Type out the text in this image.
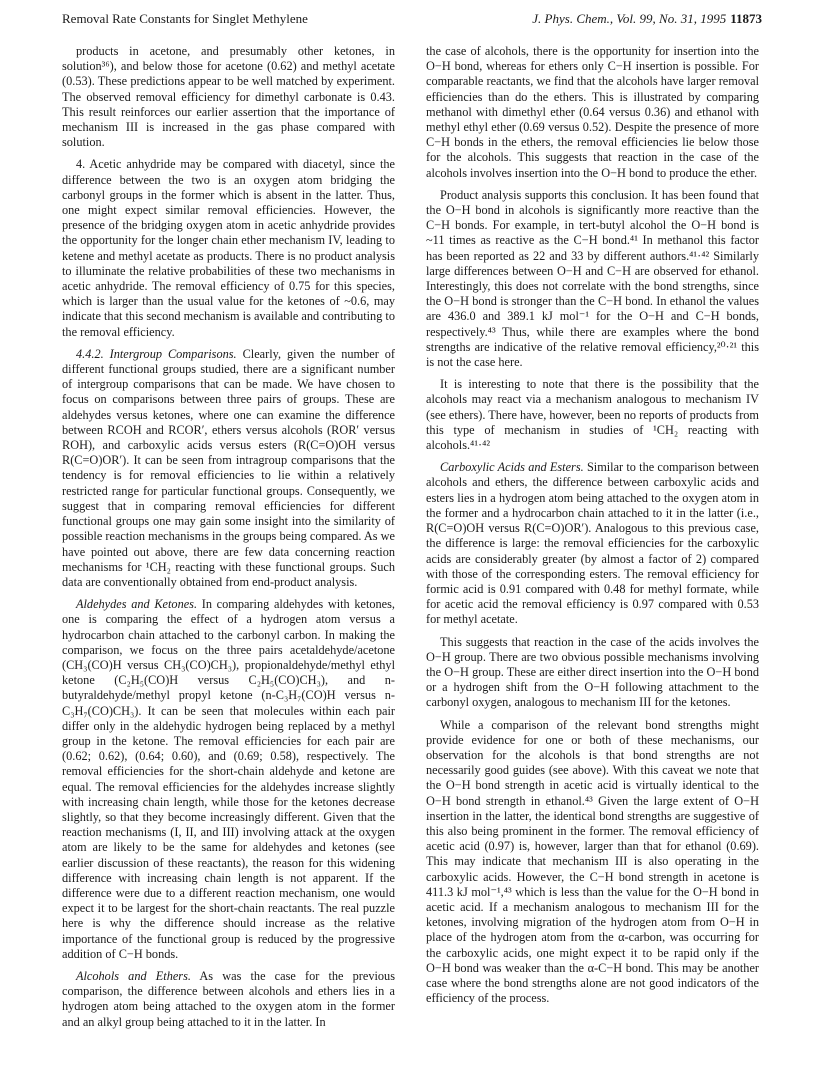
Removal Rate Constants for Singlet Methylene	J. Phys. Chem., Vol. 99, No. 31, 1995 11873

products in acetone, and presumably other ketones, in solution³⁶), and below those for acetone (0.62) and methyl acetate (0.53). These predictions appear to be well matched by experiment. The observed removal efficiency for dimethyl carbonate is 0.43. This result reinforces our earlier assertion that the importance of mechanism III is increased in the gas phase compared with solution.

4. Acetic anhydride may be compared with diacetyl, since the difference between the two is an oxygen atom bridging the carbonyl groups in the former which is absent in the latter. Thus, one might expect similar removal efficiencies. However, the presence of the bridging oxygen atom in acetic anhydride provides the opportunity for the longer chain ether mechanism IV, leading to ketene and methyl acetate as products. There is no product analysis to illuminate the relative probabilities of these two mechanisms in acetic anhydride. The removal efficiency of 0.75 for this species, which is larger than the usual value for the ketones of ~0.6, may indicate that this second mechanism is available and contributing to the removal efficiency.

4.4.2. Intergroup Comparisons. Clearly, given the number of different functional groups studied, there are a significant number of intergroup comparisons that can be made. We have chosen to focus on comparisons between three pairs of groups. These are aldehydes versus ketones, where one can examine the difference between RCOH and RCOR′, ethers versus alcohols (ROR′ versus ROH), and carboxylic acids versus esters (R(C=O)OH versus R(C=O)OR′). It can be seen from intragroup comparisons that the tendency is for removal efficiencies to lie within a relatively restricted range for particular functional groups. Consequently, we suggest that in comparing removal efficiencies for different functional groups one may gain some insight into the similarity of possible reaction mechanisms in the groups being compared. As we have pointed out above, there are few data concerning reaction mechanisms for ¹CH₂ reacting with these functional groups. Such data are conventionally obtained from end-product analysis.

Aldehydes and Ketones. In comparing aldehydes with ketones, one is comparing the effect of a hydrogen atom versus a hydrocarbon chain attached to the carbonyl carbon. In making the comparison, we focus on the three pairs acetaldehyde/acetone (CH₃(CO)H versus CH₃(CO)CH₃), propionaldehyde/methyl ethyl ketone (C₂H₅(CO)H versus C₂H₅(CO)CH₃), and n-butyraldehyde/methyl propyl ketone (n-C₃H₇(CO)H versus n-C₃H₇(CO)CH₃). It can be seen that molecules within each pair differ only in the aldehydic hydrogen being replaced by a methyl group in the ketone. The removal efficiencies for each pair are (0.62; 0.62), (0.64; 0.60), and (0.69; 0.58), respectively. The removal efficiencies for the short-chain aldehyde and ketone are equal. The removal efficiencies for the aldehydes increase slightly with increasing chain length, while those for the ketones decrease slightly, so that they become increasingly different. Given that the reaction mechanisms (I, II, and III) involving attack at the oxygen atom are likely to be the same for aldehydes and ketones (see earlier discussion of these reactants), the reason for this widening difference with increasing chain length is not apparent. If the difference were due to a different reaction mechanism, one would expect it to be largest for the short-chain reactants. The real puzzle here is why the difference should increase as the relative importance of the functional group is reduced by the progressive addition of C−H bonds.

Alcohols and Ethers. As was the case for the previous comparison, the difference between alcohols and ethers lies in a hydrogen atom being attached to the oxygen atom in the former and an alkyl group being attached to it in the latter. In

the case of alcohols, there is the opportunity for insertion into the O−H bond, whereas for ethers only C−H insertion is possible. For comparable reactants, we find that the alcohols have larger removal efficiencies than do the ethers. This is illustrated by comparing methanol with dimethyl ether (0.64 versus 0.36) and ethanol with methyl ethyl ether (0.69 versus 0.52). Despite the presence of more C−H bonds in the ethers, the removal efficiencies lie below those for the alcohols. This suggests that reaction in the case of the alcohols involves insertion into the O−H bond to produce the ether.

Product analysis supports this conclusion. It has been found that the O−H bond in alcohols is significantly more reactive than the C−H bonds. For example, in tert-butyl alcohol the O−H bond is ~11 times as reactive as the C−H bond.⁴¹ In methanol this factor has been reported as 22 and 33 by different authors.⁴¹·⁴² Similarly large differences between O−H and C−H are observed for ethanol. Interestingly, this does not correlate with the bond strengths, since the O−H bond is stronger than the C−H bond. In ethanol the values are 436.0 and 389.1 kJ mol⁻¹ for the O−H and C−H bonds, respectively.⁴³ Thus, while there are examples where the bond strengths are indicative of the relative removal efficiency,²⁰·²¹ this is not the case here.

It is interesting to note that there is the possibility that the alcohols may react via a mechanism analogous to mechanism IV (see ethers). There have, however, been no reports of products from this type of mechanism in studies of ¹CH₂ reacting with alcohols.⁴¹·⁴²

Carboxylic Acids and Esters. Similar to the comparison between alcohols and ethers, the difference between carboxylic acids and esters lies in a hydrogen atom being attached to the oxygen atom in the former and a hydrocarbon chain attached to it in the latter (i.e., R(C=O)OH versus R(C=O)OR′). Analogous to this previous case, the difference is large: the removal efficiencies for the carboxylic acids are considerably greater (by almost a factor of 2) compared with those of the corresponding esters. The removal efficiency for formic acid is 0.91 compared with 0.48 for methyl formate, while for acetic acid the removal efficiency is 0.97 compared with 0.53 for methyl acetate.

This suggests that reaction in the case of the acids involves the O−H group. There are two obvious possible mechanisms involving the O−H group. These are either direct insertion into the O−H bond or a hydrogen shift from the O−H following attachment to the carbonyl oxygen, analogous to mechanism III for the ketones.

While a comparison of the relevant bond strengths might provide evidence for one or both of these mechanisms, our observation for the alcohols is that bond strengths are not necessarily good guides (see above). With this caveat we note that the O−H bond strength in acetic acid is virtually identical to the O−H bond strength in ethanol.⁴³ Given the large extent of O−H insertion in the latter, the identical bond strengths are suggestive of this also being prominent in the former. The removal efficiency of acetic acid (0.97) is, however, larger than that for ethanol (0.69). This may indicate that mechanism III is also operating in the carboxylic acids. However, the C−H bond strength in acetone is 411.3 kJ mol⁻¹,⁴³ which is less than the value for the O−H bond in acetic acid. If a mechanism analogous to mechanism III for the ketones, involving migration of the hydrogen atom from O−H in place of the hydrogen atom from the α-carbon, was occurring for the carboxylic acids, one might expect it to be rapid only if the O−H bond was weaker than the α-C−H bond. This may be another case where the bond strengths alone are not good indicators of the efficiency of the process.
